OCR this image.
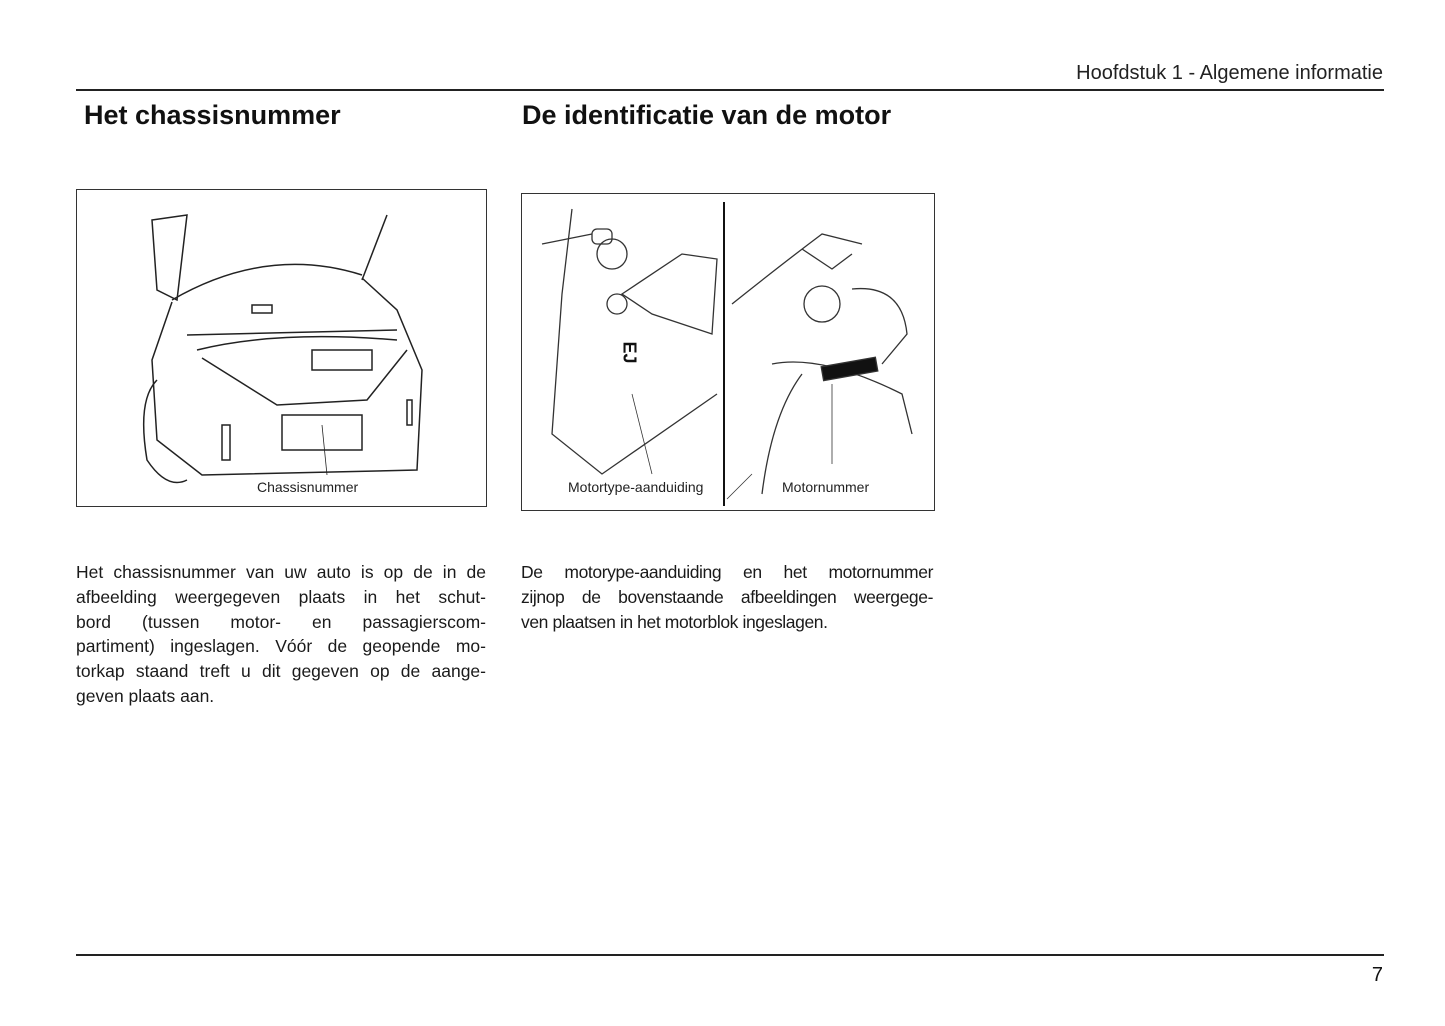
Hoofdstuk 1 - Algemene informatie
Het chassisnummer	De identificatie van de motor
Chassisnummer
EJ
Motortype-aanduiding	Motornummer
Het chassisnummer van uw auto is op de in de
afbeelding weergegeven plaats in het schut-
bord (tussen motor- en passagierscom-
partiment) ingeslagen. Vóór de geopende mo-
torkap staand treft u dit gegeven op de aange-
geven plaats aan.
De motorype-aanduiding en het motornummer
zijnop de bovenstaande afbeeldingen weergege-
ven plaatsen in het motorblok ingeslagen.
7
